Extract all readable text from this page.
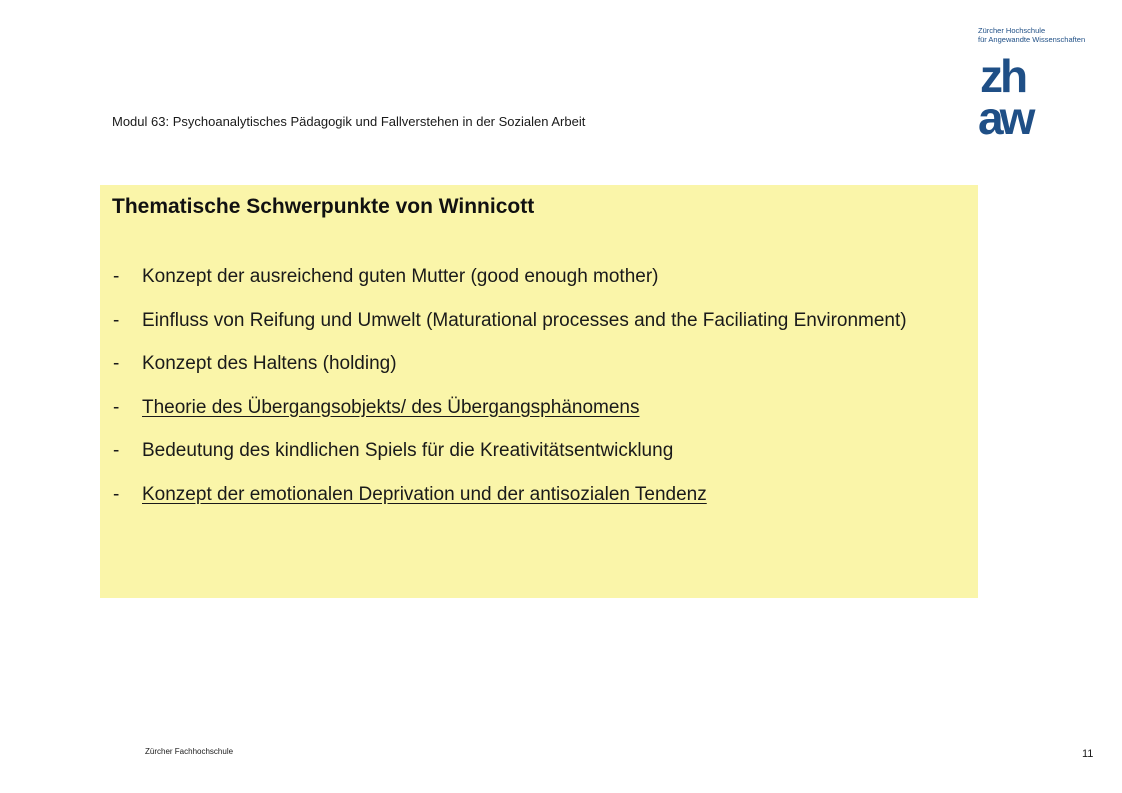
Zürcher Hochschule
für Angewandte Wissenschaften
zh
aw
Modul 63: Psychoanalytisches Pädagogik und Fallverstehen in der Sozialen Arbeit
Thematische Schwerpunkte von Winnicott
- Konzept der ausreichend guten Mutter (good enough mother)
- Einfluss von Reifung und Umwelt (Maturational processes and the Faciliating Environment)
- Konzept des Haltens (holding)
- Theorie des Übergangsobjekts/ des Übergangsphänomens
- Bedeutung des kindlichen Spiels für die Kreativitätsentwicklung
- Konzept der emotionalen Deprivation und der antisozialen Tendenz
Zürcher Fachhochschule	11
